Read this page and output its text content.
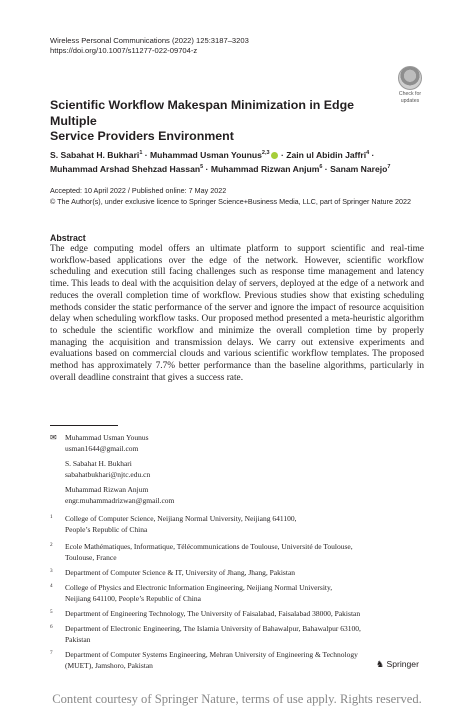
Wireless Personal Communications (2022) 125:3187–3203
https://doi.org/10.1007/s11277-022-09704-z
Check for
updates
Scientific Workflow Makespan Minimization in Edge Multiple
Service Providers Environment
S. Sabahat H. Bukhari$^1$ · Muhammad Usman Younus$^{2,3}$ · Zain ul Abidin Jaffri$^4$ ·
Muhammad Arshad Shehzad Hassan$^5$ · Muhammad Rizwan Anjum$^6$ · Sanam Narejo$^7$
Accepted: 10 April 2022 / Published online: 7 May 2022
© The Author(s), under exclusive licence to Springer Science+Business Media, LLC, part of Springer Nature 2022
Abstract
The edge computing model offers an ultimate platform to support scientific and real-time workflow-based applications over the edge of the network. However, scientific workflow scheduling and execution still facing challenges such as response time management and latency time. This leads to deal with the acquisition delay of servers, deployed at the edge of a network and reduces the overall completion time of workflow. Previous studies show that existing scheduling methods consider the static performance of the server and ignore the impact of resource acquisition delay when scheduling workflow tasks. Our proposed method presented a meta-heuristic algorithm to schedule the scientific workflow and minimize the overall completion time by properly managing the acquisition and transmission delays. We carry out extensive experiments and evaluations based on commercial clouds and various scientific workflow templates. The proposed method has approximately 7.7% better performance than the baseline algorithms, particularly in overall deadline constraint that gives a success rate.
✉ Muhammad Usman Younus
usman1644@gmail.com
S. Sabahat H. Bukhari
sabahatbukhari@njtc.edu.cn
Muhammad Rizwan Anjum
engr.muhammadrizwan@gmail.com
1 College of Computer Science, Neijiang Normal University, Neijiang 641100,
People’s Republic of China
2 Ecole Mathématiques, Informatique, Télécommunications de Toulouse, Université de Toulouse,
Toulouse, France
3 Department of Computer Science & IT, University of Jhang, Jhang, Pakistan
4 College of Physics and Electronic Information Engineering, Neijiang Normal University,
Neijiang 641100, People’s Republic of China
5 Department of Engineering Technology, The University of Faisalabad, Faisalabad 38000, Pakistan
6 Department of Electronic Engineering, The Islamia University of Bahawalpur, Bahawalpur 63100,
Pakistan
7 Department of Computer Systems Engineering, Mehran University of Engineering & Technology
(MUET), Jamshoro, Pakistan	♞ Springer
Content courtesy of Springer Nature, terms of use apply. Rights reserved.
